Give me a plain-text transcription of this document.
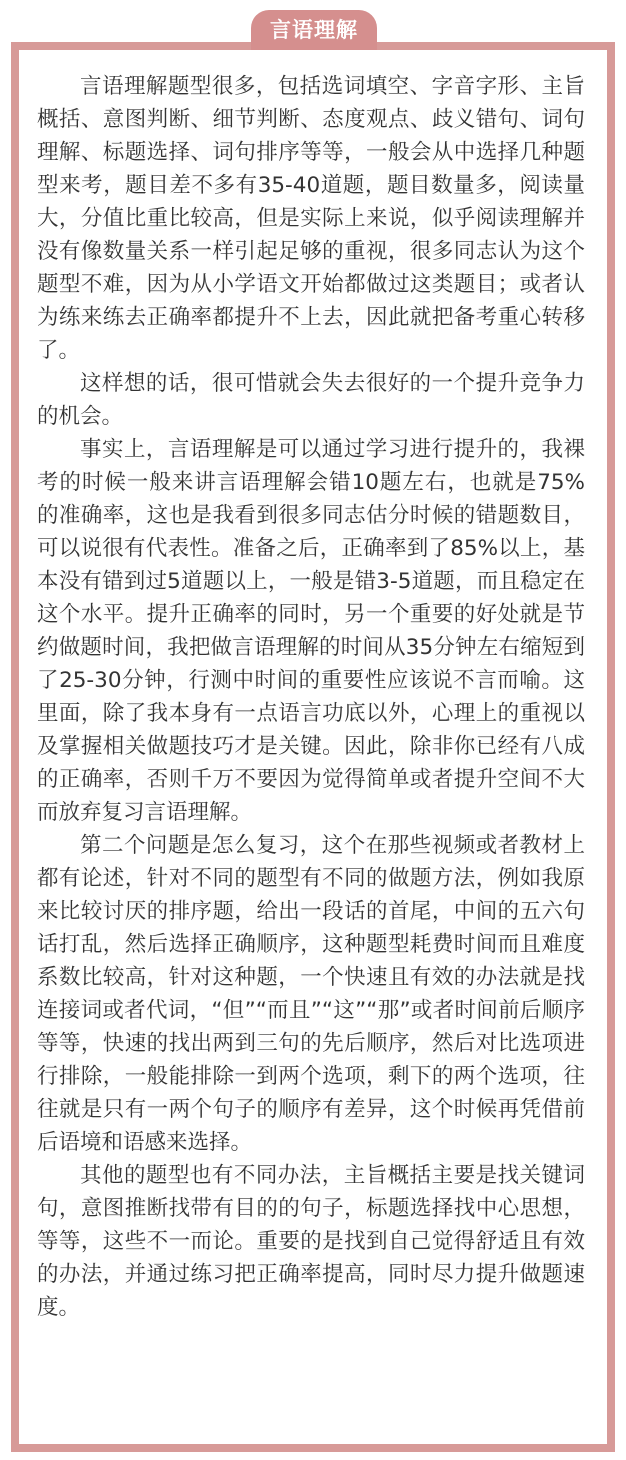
言语理解

言语理解题型很多，包括选词填空、字音字形、主旨概括、意图判断、细节判断、态度观点、歧义错句、词句理解、标题选择、词句排序等等，一般会从中选择几种题型来考，题目差不多有35-40道题，题目数量多，阅读量大，分值比重比较高，但是实际上来说，似乎阅读理解并没有像数量关系一样引起足够的重视，很多同志认为这个题型不难，因为从小学语文开始都做过这类题目；或者认为练来练去正确率都提升不上去，因此就把备考重心转移了。

这样想的话，很可惜就会失去很好的一个提升竞争力的机会。

事实上，言语理解是可以通过学习进行提升的，我裸考的时候一般来讲言语理解会错10题左右，也就是75%的准确率，这也是我看到很多同志估分时候的错题数目，可以说很有代表性。准备之后，正确率到了85%以上，基本没有错到过5道题以上，一般是错3-5道题，而且稳定在这个水平。提升正确率的同时，另一个重要的好处就是节约做题时间，我把做言语理解的时间从35分钟左右缩短到了25-30分钟，行测中时间的重要性应该说不言而喻。这里面，除了我本身有一点语言功底以外，心理上的重视以及掌握相关做题技巧才是关键。因此，除非你已经有八成的正确率，否则千万不要因为觉得简单或者提升空间不大而放弃复习言语理解。

第二个问题是怎么复习，这个在那些视频或者教材上都有论述，针对不同的题型有不同的做题方法，例如我原来比较讨厌的排序题，给出一段话的首尾，中间的五六句话打乱，然后选择正确顺序，这种题型耗费时间而且难度系数比较高，针对这种题，一个快速且有效的办法就是找连接词或者代词，“但”“而且”“这”“那”或者时间前后顺序等等，快速的找出两到三句的先后顺序，然后对比选项进行排除，一般能排除一到两个选项，剩下的两个选项，往往就是只有一两个句子的顺序有差异，这个时候再凭借前后语境和语感来选择。

其他的题型也有不同办法，主旨概括主要是找关键词句，意图推断找带有目的的句子，标题选择找中心思想，等等，这些不一而论。重要的是找到自己觉得舒适且有效的办法，并通过练习把正确率提高，同时尽力提升做题速度。
